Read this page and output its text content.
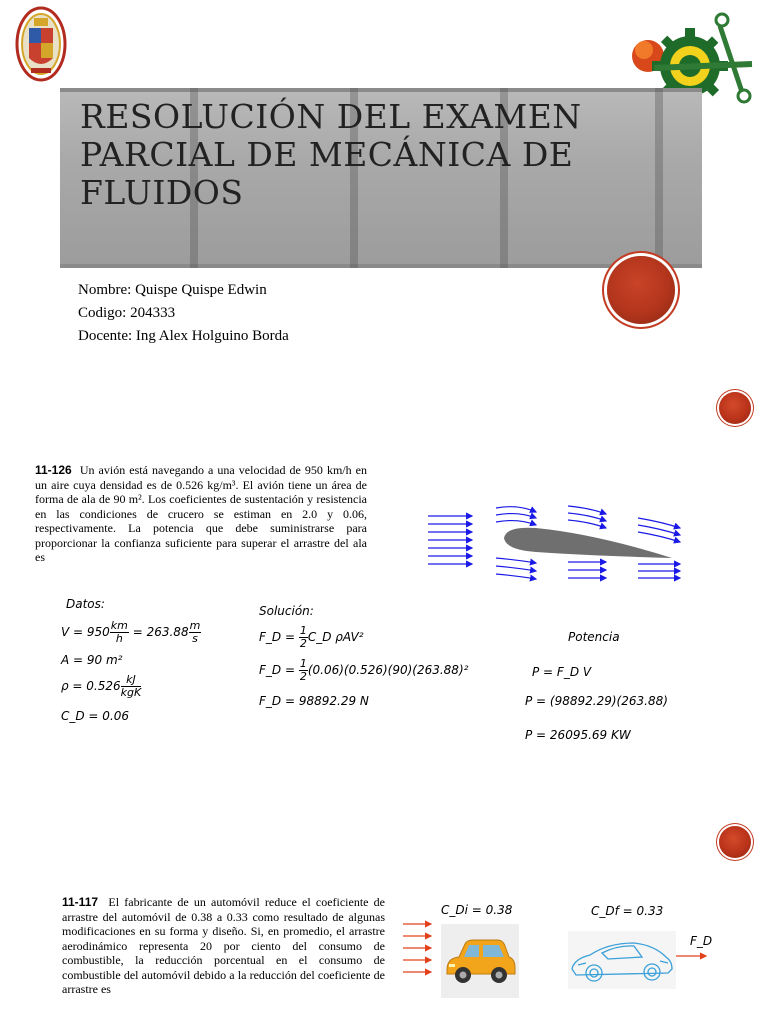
RESOLUCIÓN DEL EXAMEN
PARCIAL DE MECÁNICA DE
FLUIDOS
Nombre: Quispe Quispe Edwin
Codigo: 204333
Docente: Ing Alex Holguino Borda
11-126 Un avión está navegando a una velocidad de 950 km/h en un aire cuya densidad es de 0.526 kg/m³. El avión tiene un área de forma de ala de 90 m². Los coeficientes de sustentación y resistencia en las condiciones de crucero se estiman en 2.0 y 0.06, respectivamente. La potencia que debe suministrarse para proporcionar la confianza suficiente para superar el arrastre del ala es
Datos:
$V = 950 \frac{km}{h} = 263.88 \frac{m}{s}$
A = 90 m²
$\rho = 0.526 \frac{kJ}{\text{kgK}}$
C_D = 0.06
Solución:
F_D = $\frac{1}{2}$ C_D ρAV²
F_D = $\frac{1}{2} (0.06)(0.526)(90)(263.88)^2$
F_D = 98892.29 N
Potencia
P = F_D V
P = (98892.29)(263.88)
P = 26095.69 KW
11-117 El fabricante de un automóvil reduce el coeficiente de arrastre del automóvil de 0.38 a 0.33 como resultado de algunas modificaciones en su forma y diseño. Si, en promedio, el arrastre aerodinámico representa 20 por ciento del consumo de combustible, la reducción porcentual en el consumo de combustible del automóvil debido a la reducción del coeficiente de arrastre es
C_Di = 0.38	C_Df = 0.33
F_D
